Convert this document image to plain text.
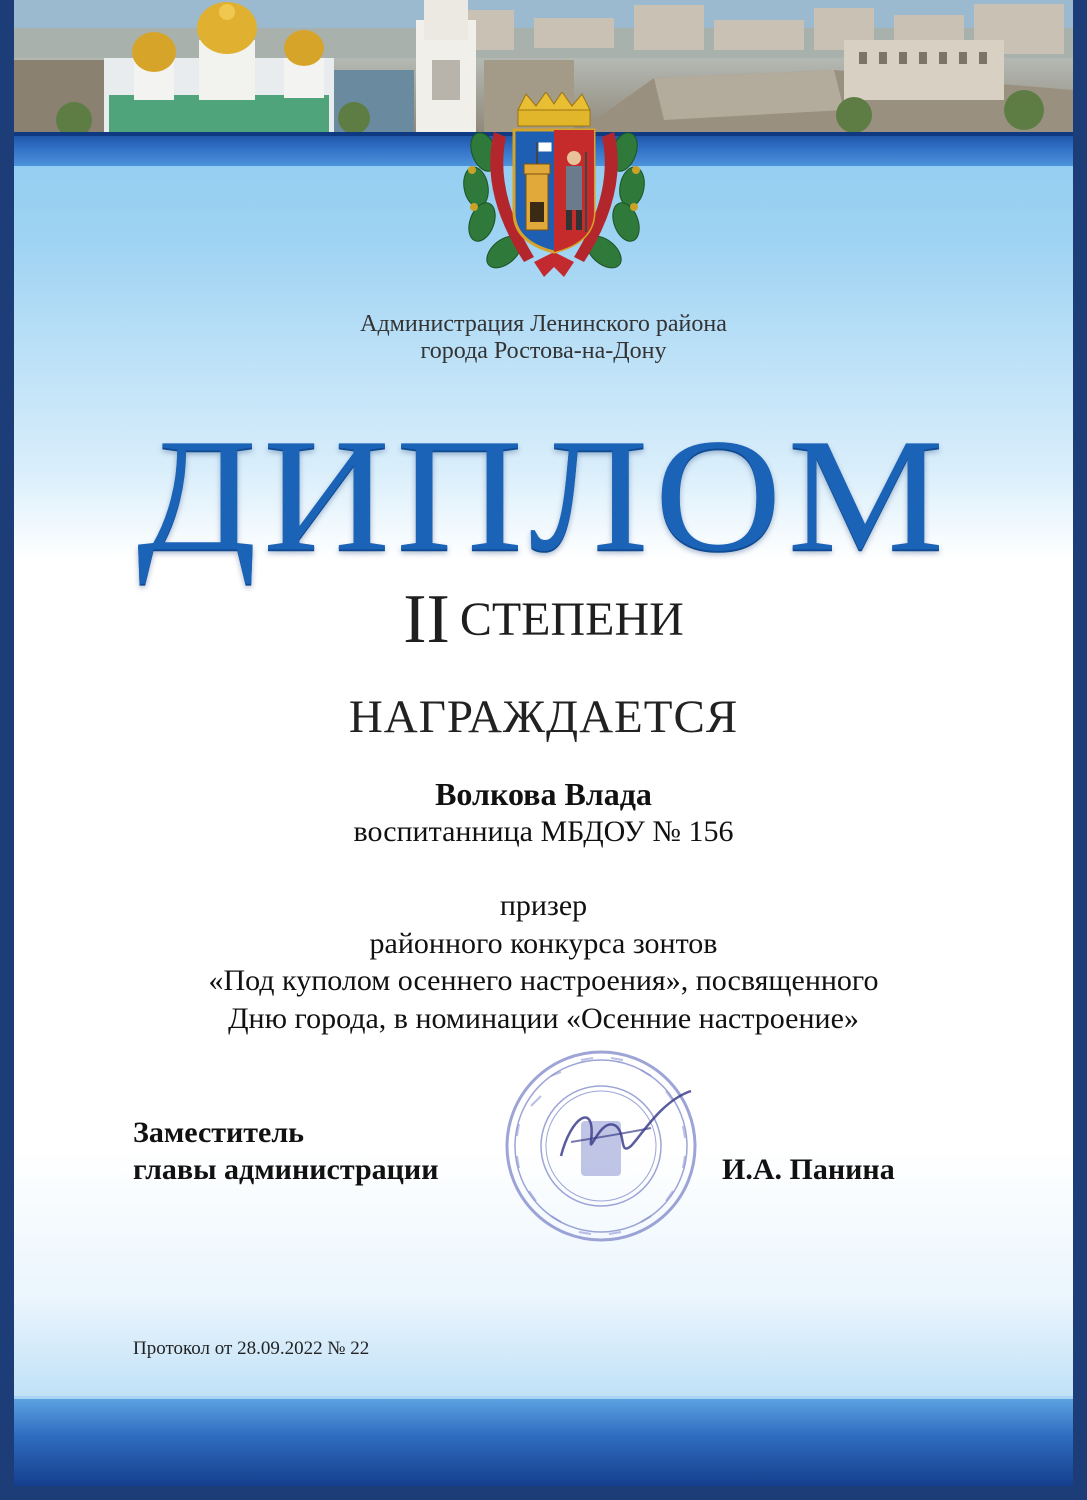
Администрация Ленинского района
города Ростова-на-Дону
ДИПЛОМ
II СТЕПЕНИ
НАГРАЖДАЕТСЯ
Волкова Влада
воспитанница МБДОУ № 156
призер
районного конкурса зонтов
«Под куполом осеннего настроения», посвященного
Дню города, в номинации «Осенние настроение»
Заместитель
главы администрации	И.А. Панина
Протокол от 28.09.2022 № 22
